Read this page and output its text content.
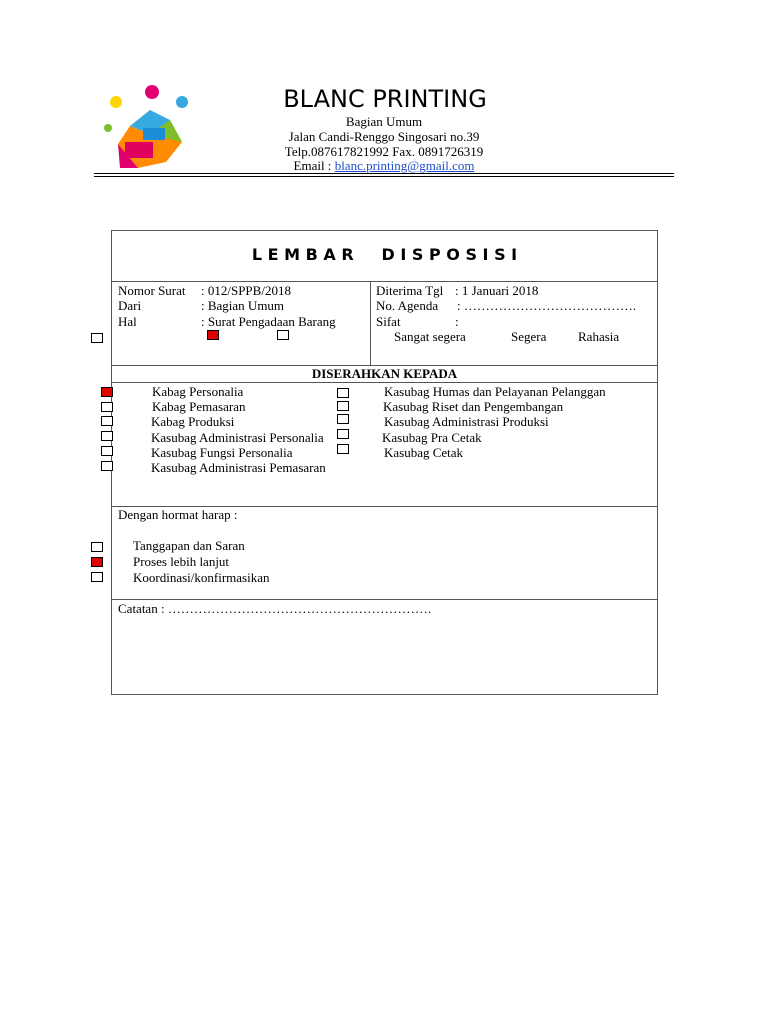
BLANC PRINTING
Bagian Umum
Jalan Candi-Renggo Singosari no.39
Telp.087617821992 Fax. 0891726319
Email : blanc.printing@gmail.com
L E M B A R     D I S P O S I S I
Nomor Surat : 012/SPPB/2018
Dari	: Bagian Umum
Hal	: Surat Pengadaan Barang
Diterima Tgl : 1 Januari 2018
No. Agenda : ………………………………….
Sifat	:
Sangat segera	Segera Rahasia
DISERAHKAN KEPADA
Kabag Personalia
Kabag Pemasaran
Kabag Produksi
Kasubag Administrasi Personalia
Kasubag Fungsi Personalia
Kasubag Administrasi Pemasaran
Kasubag Humas dan Pelayanan Pelanggan
Kasubag Riset dan Pengembangan
Kasubag Administrasi Produksi
Kasubag Pra Cetak
Kasubag Cetak
Dengan hormat harap :
Tanggapan dan Saran
Proses lebih lanjut
Koordinasi/konfirmasikan
Catatan : …………………………………………………….
